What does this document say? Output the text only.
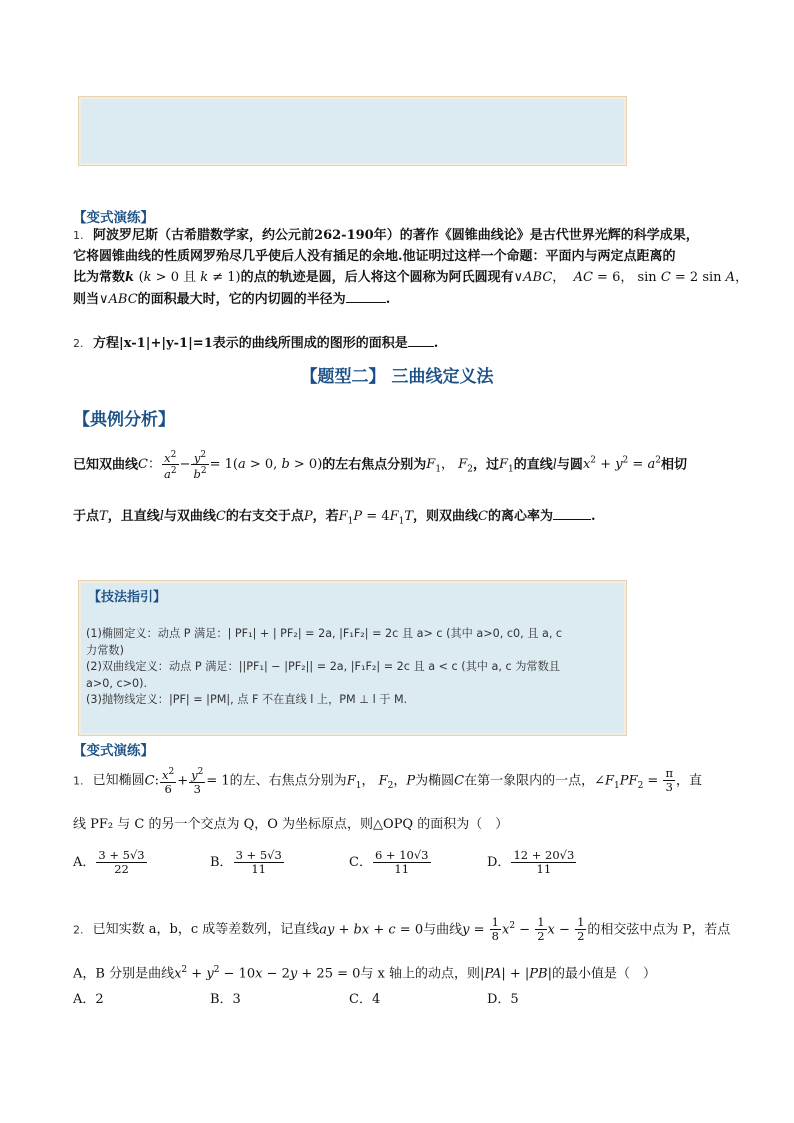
【变式演练】
1. 阿波罗尼斯（古希腊数学家，约公元前262-190年）的著作《圆锥曲线论》是古代世界光辉的科学成果，
它将圆锥曲线的性质网罗殆尽几乎使后人没有插足的余地.他证明过这样一个命题：平面内与两定点距离的
比为常数k (k > 0 且 k ≠ 1)的点的轨迹是圆，后人将这个圆称为阿氏圆现有∨ABC，  AC = 6， sin C = 2 sin A，
则当∨ABC的面积最大时，它的内切圆的半径为	.
2. 方程|x-1|+|y-1|=1表示的曲线所围成的图形的面积是 .
【题型二】 三曲线定义法
【典例分析】
已知双曲线C： $\frac{x^2}{a^2} - \frac{y^2}{b^2} = 1(a > 0$, b > 0)的左右焦点分别为$F_1$， $F_2$，过$F_1$的直线l与圆$x^2 + y^2 = a^2$相切
于点T，且直线l与双曲线C的右支交于点P，若$F_1P = 4F_1T$，则双曲线C的离心率为	.
【技法指引】
(1)椭圆定义：动点 P 满足：| PF₁| + | PF₂| = 2a, |F₁F₂| = 2c 且 a> c (其中 a>0, c0, 且 a, c
力常数)
(2)双曲线定义：动点 P 满足：||PF₁| − |PF₂|| = 2a, |F₁F₂| = 2c 且 a < c (其中 a, c 为常数且
a>0, c>0).
(3)抛物线定义：|PF| = |PM|, 点 F 不在直线 l 上，PM ⊥ l 于 M.
【变式演练】
1. 已知椭圆C: $\frac{x^2}{6} + \frac{y^2}{3} = 1$的左、右焦点分别为$F_1$， $F_2$，P为椭圆C在第一象限内的一点，$\angle F_1PF_2 = \frac{\pi}{3}$ ，直
线 PF₂ 与 C 的另一个交点为 Q，O 为坐标原点，则△OPQ 的面积为（　）
A． $\frac{3 + 5√3}{22}$	B． $\frac{3 + 5√3}{11}$	C． $\frac{6 + 10√3}{11}$	D． $\frac{12 + 20√3}{11}$
2. 已知实数 a，b，c 成等差数列，记直线ay + bx + c = 0与曲线$y = \frac{1}{8} x^2 - \frac{1}{2}$ $x - \frac{1}{2}$ 的相交弦中点为 P，若点
A，B 分别是曲线$x^2 + y^2 - 10x - 2y + 25 = 0$与 x 轴上的动点，则|PA| + |PB|的最小值是（　）
A．2	B．3	C．4	D．5
